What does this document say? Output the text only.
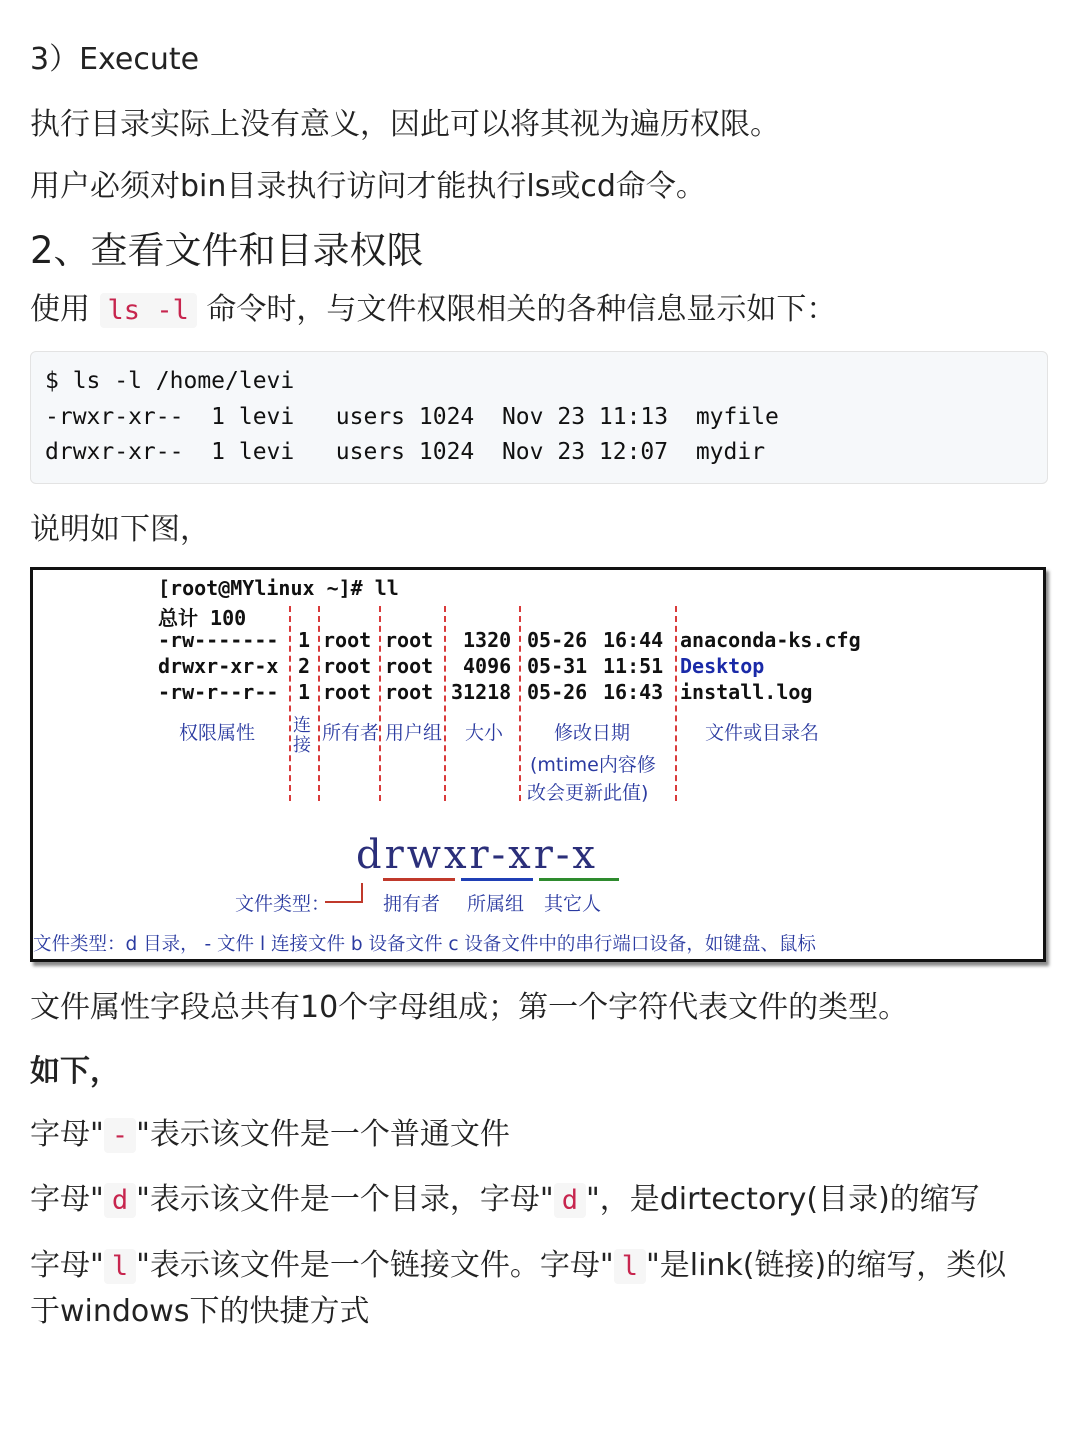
3）Execute
执行目录实际上没有意义，因此可以将其视为遍历权限。
用户必须对bin目录执行访问才能执行ls或cd命令。
2、查看文件和目录权限
使用 ls -l 命令时，与文件权限相关的各种信息显示如下：
$ ls -l /home/levi
-rwxr-xr--  1 levi   users 1024  Nov 23 11:13  myfile
drwxr-xr--  1 levi   users 1024  Nov 23 12:07  mydir
说明如下图，
[root@MYlinux ~]# ll
总计 100
-rw------- 1 root root 1320 05-26 16:44 anaconda-ks.cfg
drwxr-xr-x 2 root root 4096 05-31 11:51 Desktop
-rw-r--r-- 1 root root 31218 05-26 16:43 install.log
权限属性 连接
所有者 用户组 大小	修改日期
(mtime内容修
改会更新此值)
文件或目录名
drwxr-xr-x
文件类型：	拥有者 所属组 其它人
文件类型：d 目录， - 文件 l 连接文件 b 设备文件 c 设备文件中的串行端口设备，如键盘、鼠标
文件属性字段总共有10个字母组成；第一个字符代表文件的类型。
如下，
字母" - "表示该文件是一个普通文件
字母" d "表示该文件是一个目录，字母" d "，是dirtectory(目录)的缩写
字母" l "表示该文件是一个链接文件。字母" l "是link(链接)的缩写，类似
于windows下的快捷方式
